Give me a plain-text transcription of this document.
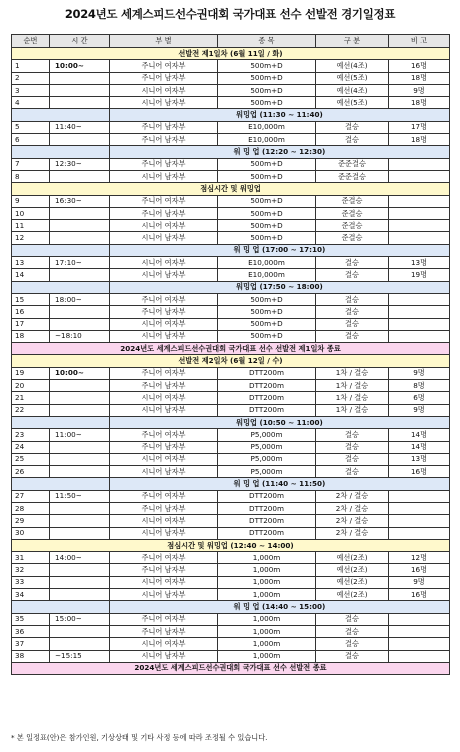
2024년도 세계스피드선수권대회 국가대표 선수 선발전 경기일정표
순번	시 간	부 별	종 목	구 분	비 고
선발전 제1일차 (6월 11일 / 화)					
1	10:00~	주니어 여자부	500m+D	예선(4조)	16명
2		주니어 남자부	500m+D	예선(5조)	18명
3		시니어 여자부	500m+D	예선(4조)	9명
4		시니어 남자부	500m+D	예선(5조)	18명
		워밍업 (11:30 ~ 11:40)			
5	11:40~	주니어 남자부	E10,000m	결승	17명
6		주니어 남자부	E10,000m	결승	18명
		워 밍 업 (12:20 ~ 12:30)			
7	12:30~	주니어 남자부	500m+D	준준결승	
8		시니어 남자부	500m+D	준준결승	
점심시간 및 워밍업					
9	16:30~	주니어 여자부	500m+D	준결승	
10		주니어 남자부	500m+D	준결승	
11		시니어 여자부	500m+D	준결승	
12		시니어 남자부	500m+D	준결승	
		워 밍 업 (17:00 ~ 17:10)			
13	17:10~	시니어 여자부	E10,000m	결승	13명
14		시니어 남자부	E10,000m	결승	19명
		워밍업 (17:50 ~ 18:00)			
15	18:00~	주니어 여자부	500m+D	결승	
16		주니어 남자부	500m+D	결승	
17		시니어 여자부	500m+D	결승	
18	~18:10	시니어 남자부	500m+D	결승	
2024년도 세계스피드선수권대회 국가대표 선수 선발전 제1일차 종료					
선발전 제2일차 (6월 12일 / 수)					
19	10:00~	주니어 여자부	DTT200m	1차 / 결승	9명
20		주니어 남자부	DTT200m	1차 / 결승	8명
21		시니어 여자부	DTT200m	1차 / 결승	6명
22		시니어 남자부	DTT200m	1차 / 결승	9명
		워밍업 (10:50 ~ 11:00)			
23	11:00~	주니어 여자부	P5,000m	결승	14명
24		주니어 남자부	P5,000m	결승	14명
25		시니어 여자부	P5,000m	결승	13명
26		시니어 남자부	P5,000m	결승	16명
		워 밍 업 (11:40 ~ 11:50)			
27	11:50~	주니어 여자부	DTT200m	2차 / 결승	
28		주니어 남자부	DTT200m	2차 / 결승	
29		시니어 여자부	DTT200m	2차 / 결승	
30		시니어 남자부	DTT200m	2차 / 결승	
점심시간 및 워밍업 (12:40 ~ 14:00)					
31	14:00~	주니어 여자부	1,000m	예선(2조)	12명
32		주니어 남자부	1,000m	예선(2조)	16명
33		시니어 여자부	1,000m	예선(2조)	9명
34		시니어 남자부	1,000m	예선(2조)	16명
		워 밍 업 (14:40 ~ 15:00)			
35	15:00~	주니어 여자부	1,000m	결승	
36		주니어 남자부	1,000m	결승	
37		시니어 여자부	1,000m	결승	
38	~15:15	시니어 남자부	1,000m	결승	
2024년도 세계스피드선수권대회 국가대표 선수 선발전 종료					
* 본 일정표(안)은 참가인원, 기상상태 및 기타 사정 등에 따라 조정될 수 있습니다.
